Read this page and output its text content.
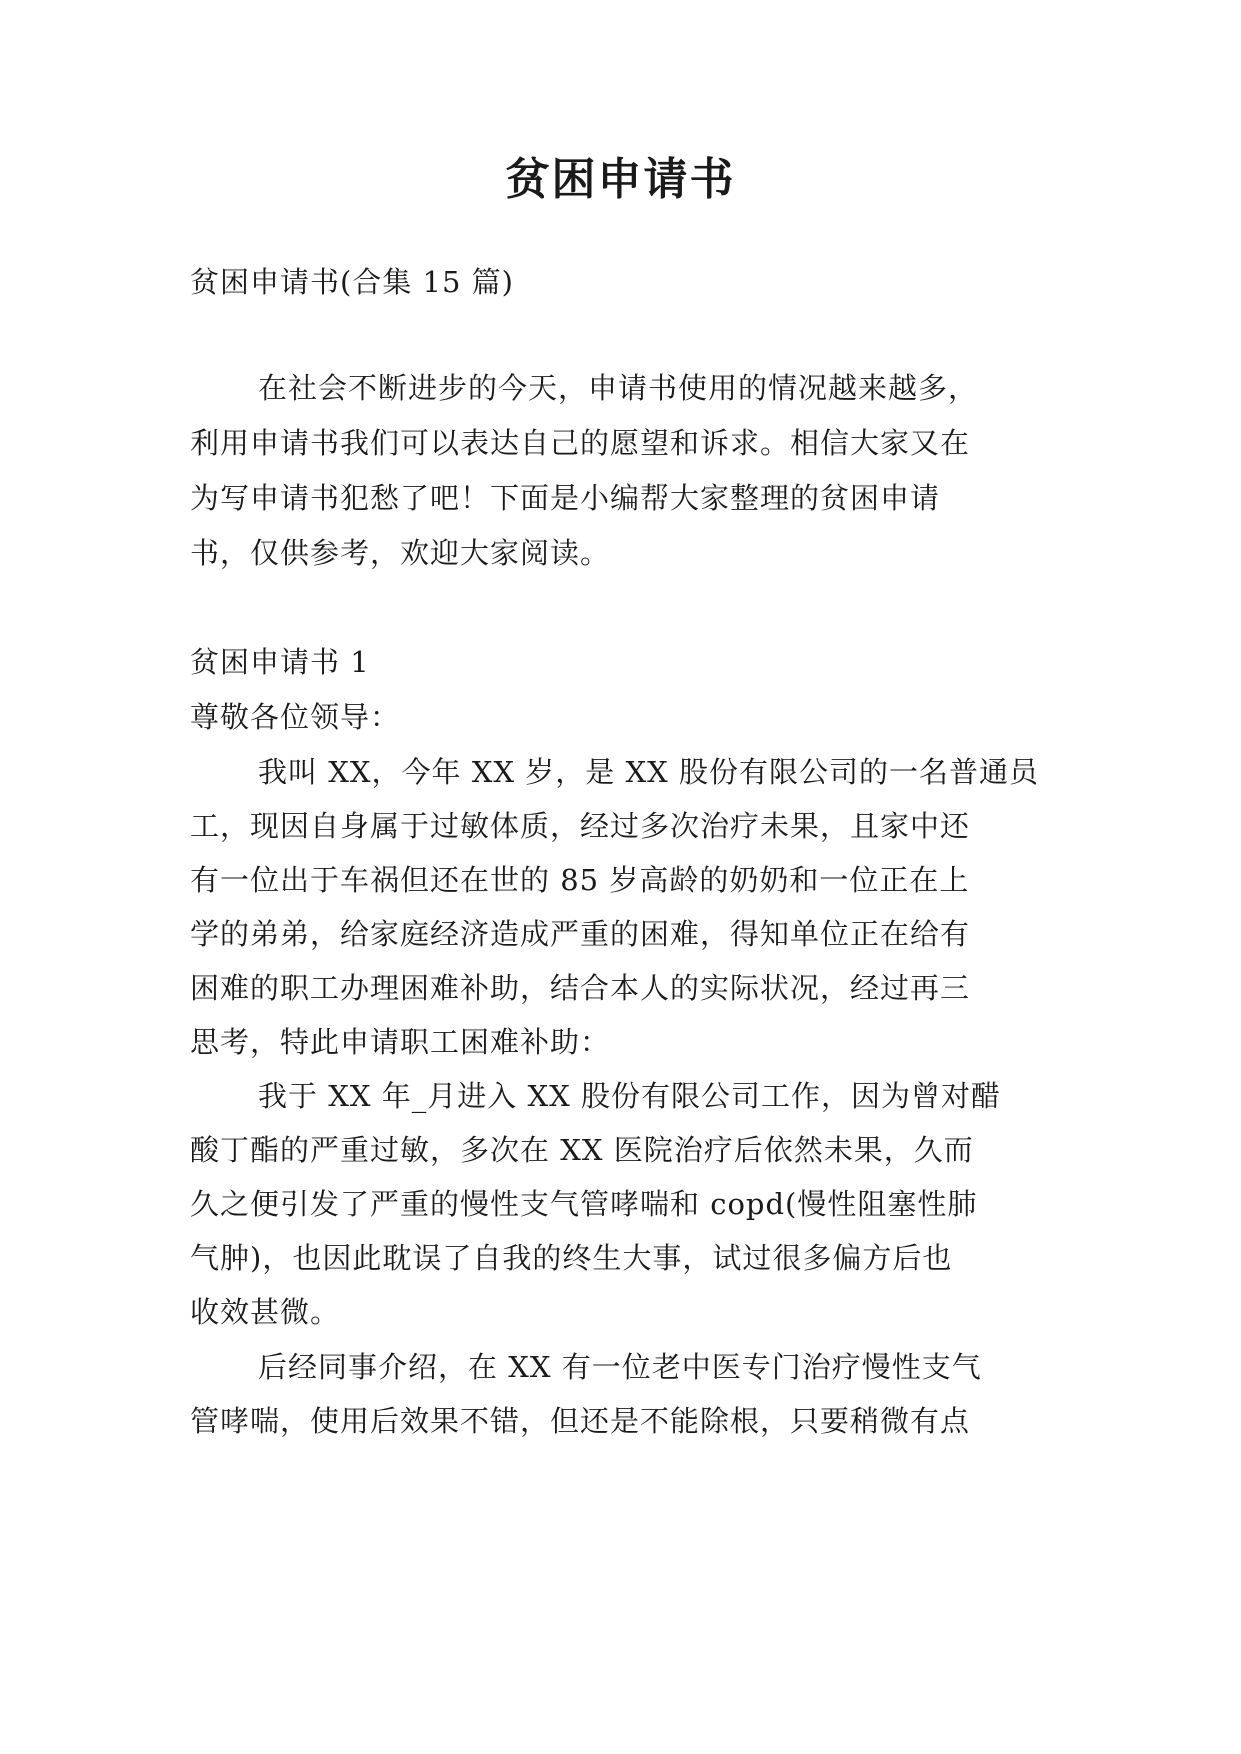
贫困申请书
贫困申请书(合集 15 篇)
在社会不断进步的今天，申请书使用的情况越来越多，
利用申请书我们可以表达自己的愿望和诉求。相信大家又在
为写申请书犯愁了吧！下面是小编帮大家整理的贫困申请
书，仅供参考，欢迎大家阅读。
贫困申请书 1
尊敬各位领导：
我叫 XX，今年 XX 岁，是 XX 股份有限公司的一名普通员
工，现因自身属于过敏体质，经过多次治疗未果，且家中还
有一位出于车祸但还在世的 85 岁高龄的奶奶和一位正在上
学的弟弟，给家庭经济造成严重的困难，得知单位正在给有
困难的职工办理困难补助，结合本人的实际状况，经过再三
思考，特此申请职工困难补助：
我于 XX 年_月进入 XX 股份有限公司工作，因为曾对醋
酸丁酯的严重过敏，多次在 XX 医院治疗后依然未果，久而
久之便引发了严重的慢性支气管哮喘和 copd(慢性阻塞性肺
气肿)，也因此耽误了自我的终生大事，试过很多偏方后也
收效甚微。
后经同事介绍，在 XX 有一位老中医专门治疗慢性支气
管哮喘，使用后效果不错，但还是不能除根，只要稍微有点
